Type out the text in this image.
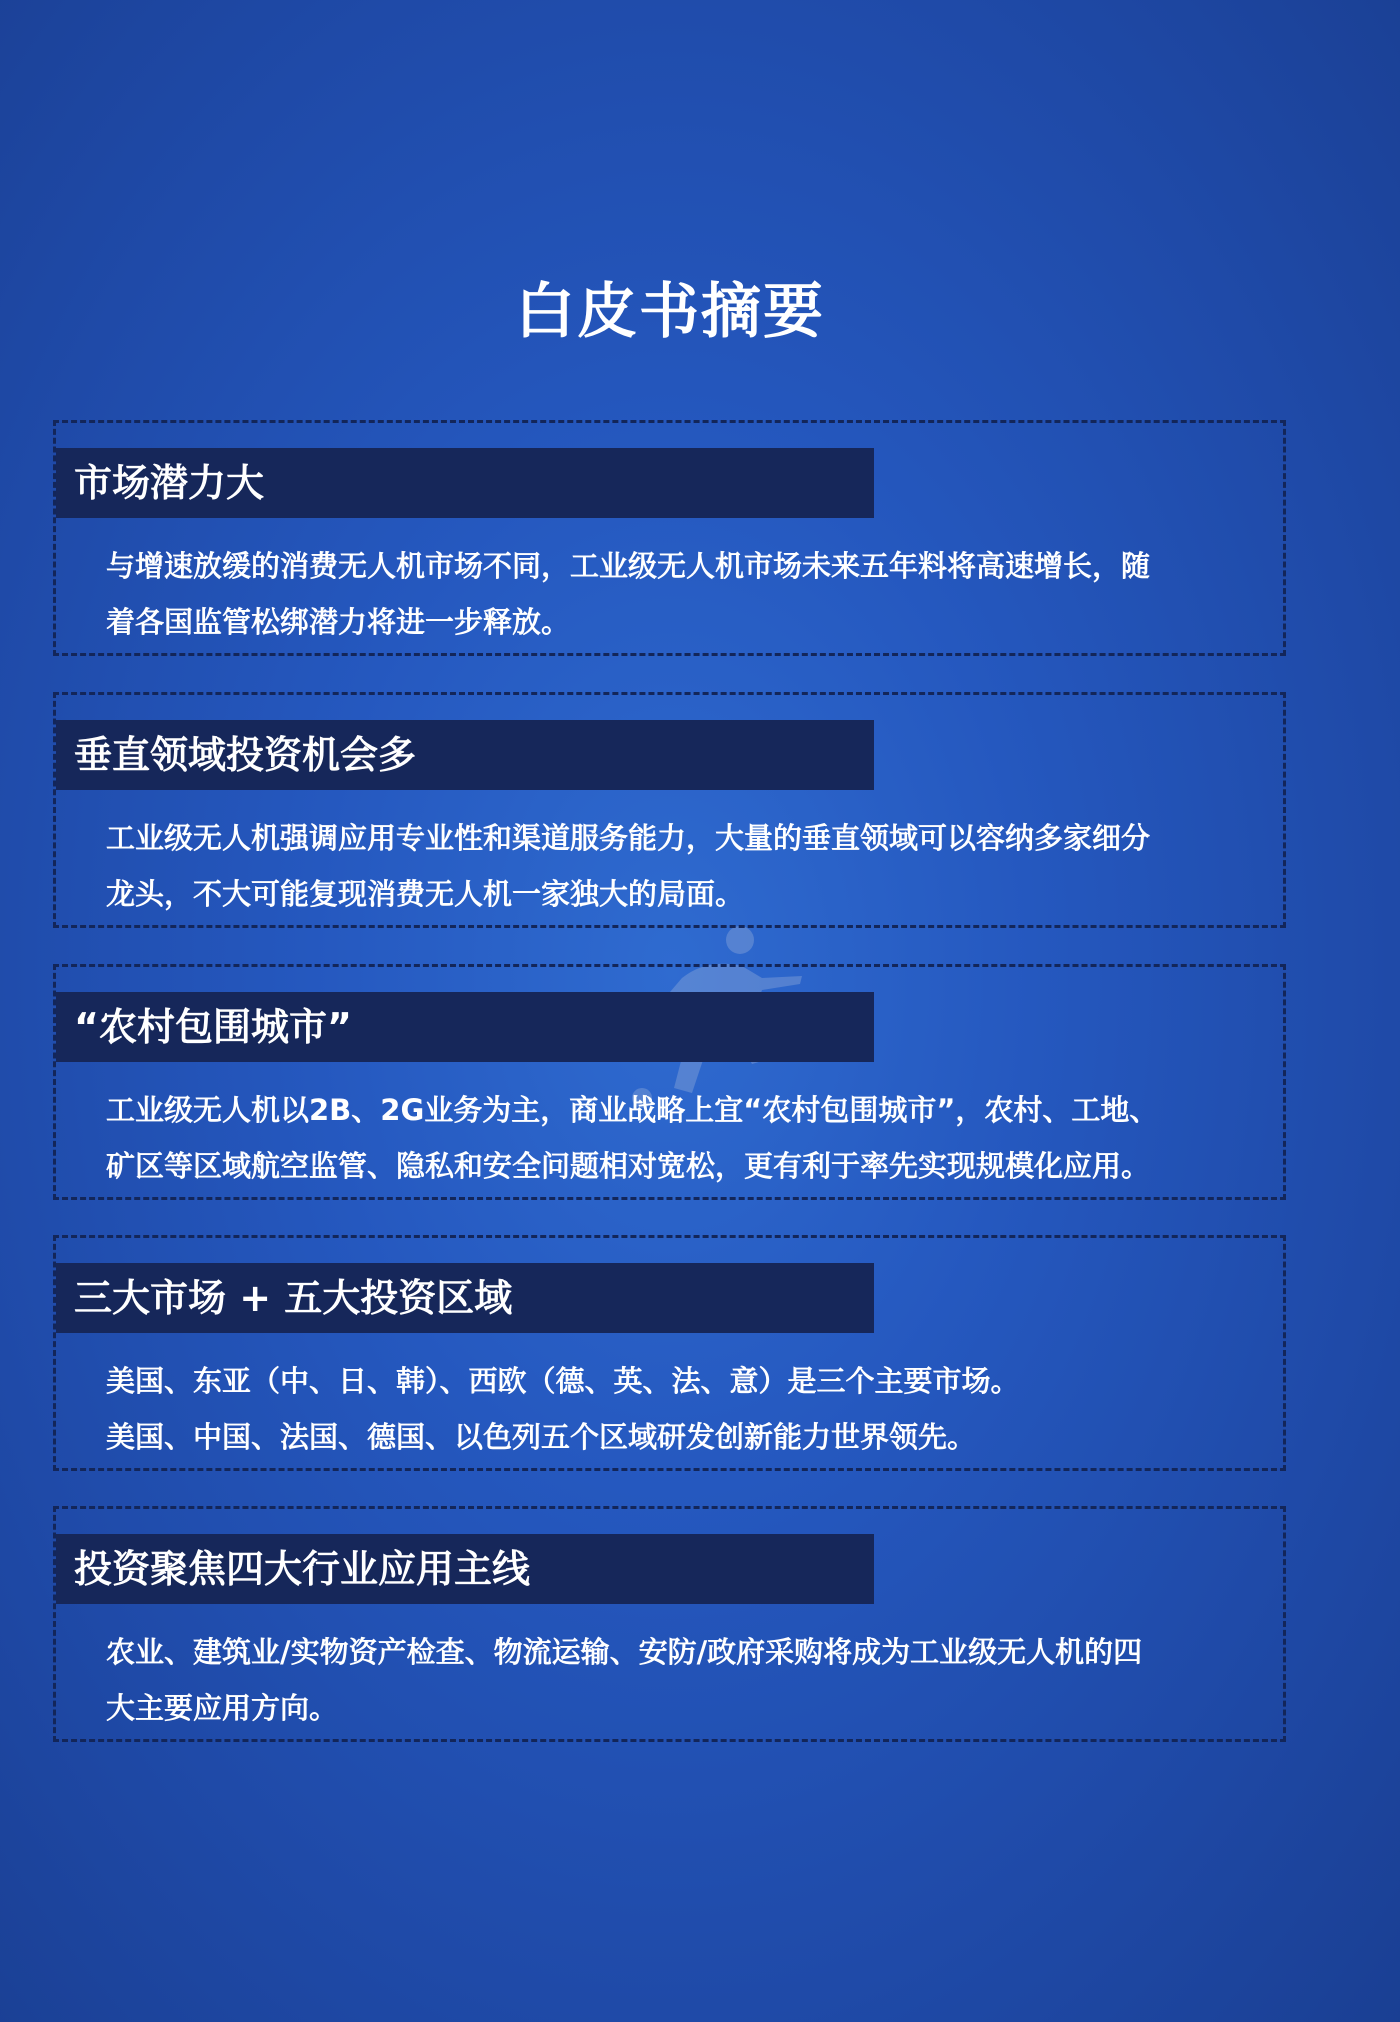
白皮书摘要
市场潜力大
与增速放缓的消费无人机市场不同，工业级无人机市场未来五年料将高速增长，随
着各国监管松绑潜力将进一步释放。
垂直领域投资机会多
工业级无人机强调应用专业性和渠道服务能力，大量的垂直领域可以容纳多家细分
龙头，不大可能复现消费无人机一家独大的局面。
“农村包围城市”
工业级无人机以2B、2G业务为主，商业战略上宜“农村包围城市”，农村、工地、
矿区等区域航空监管、隐私和安全问题相对宽松，更有利于率先实现规模化应用。
三大市场 + 五大投资区域
美国、东亚（中、日、韩）、西欧（德、英、法、意）是三个主要市场。
美国、中国、法国、德国、以色列五个区域研发创新能力世界领先。
投资聚焦四大行业应用主线
农业、建筑业/实物资产检查、物流运输、安防/政府采购将成为工业级无人机的四
大主要应用方向。
